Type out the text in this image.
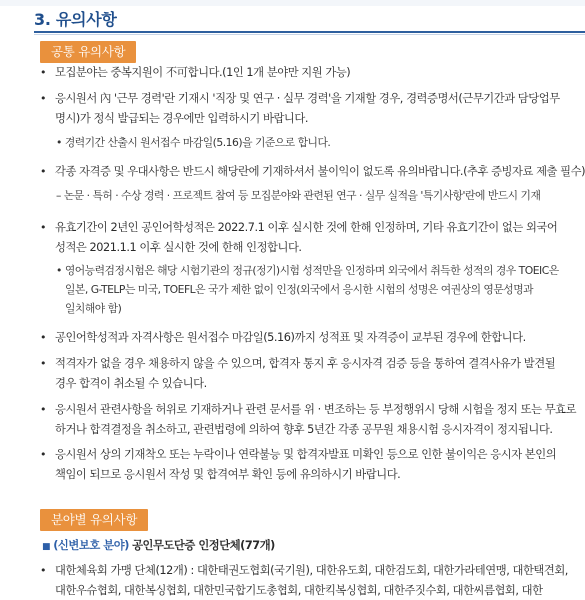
3. 유의사항
공통 유의사항
• 모집분야는 중복지원이 不可합니다.(1인 1개 분야만 지원 가능)
• 응시원서 內 '근무 경력'란 기재시 '직장 및 연구 · 실무 경력'을 기재할 경우, 경력증명서(근무기간과 담당업무
명시)가 정식 발급되는 경우에만 입력하시기 바랍니다.
• 경력기간 산출시 원서접수 마감일(5.16)을 기준으로 합니다.
• 각종 자격증 및 우대사항은 반드시 해당란에 기재하셔서 불이익이 없도록 유의바랍니다.(추후 증빙자료 제출 필수)
– 논문 · 특허 · 수상 경력 · 프로젝트 참여 등 모집분야와 관련된 연구 · 실무 실적을 '특기사항'란에 반드시 기재
• 유효기간이 2년인 공인어학성적은 2022.7.1 이후 실시한 것에 한해 인정하며, 기타 유효기간이 없는 외국어
성적은 2021.1.1 이후 실시한 것에 한해 인정합니다.
• 영어능력검정시험은 해당 시험기관의 정규(정기)시험 성적만을 인정하며 외국에서 취득한 성적의 경우 TOEIC은
일본, G-TELP는 미국, TOEFL은 국가 제한 없이 인정(외국에서 응시한 시험의 성명은 여권상의 영문성명과
일치해야 함)
• 공인어학성적과 자격사항은 원서접수 마감일(5.16)까지 성적표 및 자격증이 교부된 경우에 한합니다.
• 적격자가 없을 경우 채용하지 않을 수 있으며, 합격자 통지 후 응시자격 검증 등을 통하여 결격사유가 발견될
경우 합격이 취소될 수 있습니다.
• 응시원서 관련사항을 허위로 기재하거나 관련 문서를 위 · 변조하는 등 부정행위시 당해 시험을 정지 또는 무효로
하거나 합격결정을 취소하고, 관련법령에 의하여 향후 5년간 각종 공무원 채용시험 응시자격이 정지됩니다.
• 응시원서 상의 기재착오 또는 누락이나 연락불능 및 합격자발표 미확인 등으로 인한 불이익은 응시자 본인의
책임이 되므로 응시원서 작성 및 합격여부 확인 등에 유의하시기 바랍니다.
분야별 유의사항
■ (신변보호 분야) 공인무도단증 인정단체(77개)
• 대한체육회 가맹 단체(12개) : 대한태권도협회(국기원), 대한유도회, 대한검도회, 대한가라테연맹, 대한택견회,
대한우슈협회, 대한복싱협회, 대한민국합기도총협회, 대한킥복싱협회, 대한주짓수회, 대한씨름협회, 대한
